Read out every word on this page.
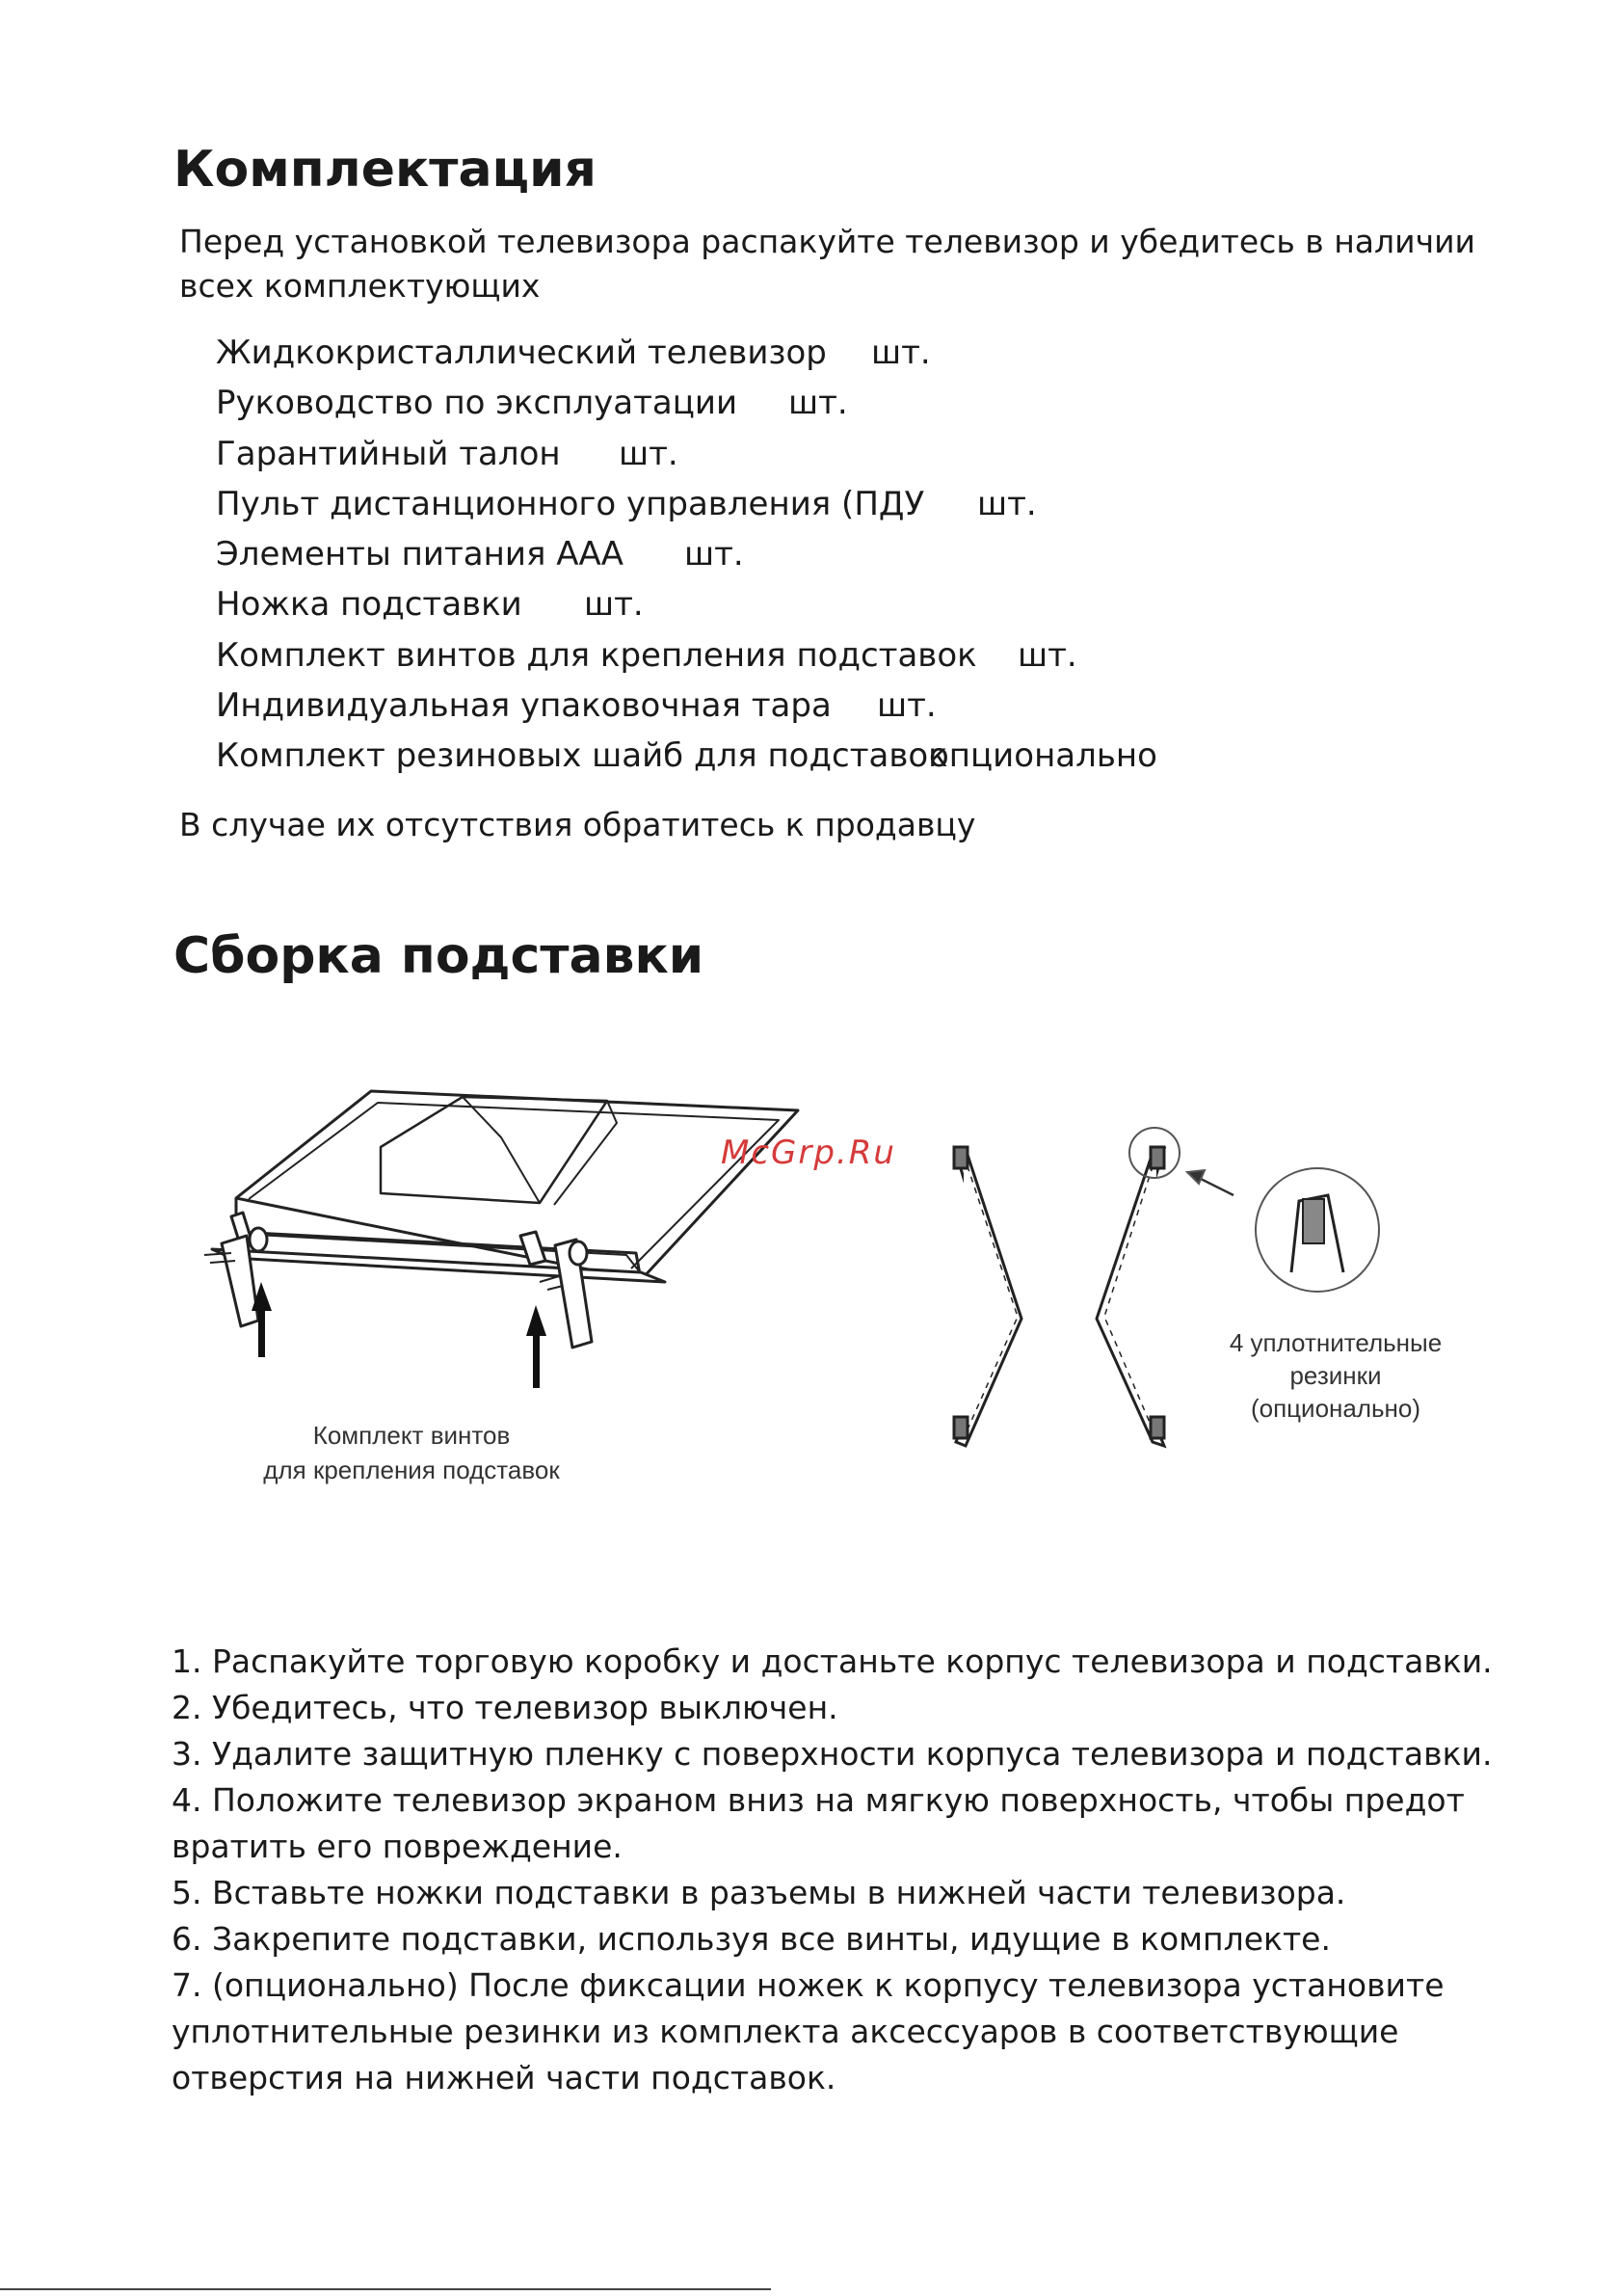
Комплектация

Перед установкой телевизора распакуйте телевизор и убедитесь в наличии всех комплектующих

Жидкокристаллический телевизор шт.
Руководство по эксплуатации шт.
Гарантийный талон шт.
Пульт дистанционного управления (ПДУ шт.
Элементы питания ААА шт.
Ножка подставки шт.
Комплект винтов для крепления подставок шт.
Индивидуальная упаковочная тара шт.
Комплект резиновых шайб для подставок
опционально

В случае их отсутствия обратитесь к продавцу

Сборка подставки
Комплект винтов
для крепления подставок
4 уплотнительные
резинки
(опционально)
McGrp.Ru
1. Распакуйте торговую коробку и достаньте корпус телевизора и подставки.
2. Убедитесь, что телевизор выключен.
3. Удалите защитную пленку с поверхности корпуса телевизора и подставки.
4. Положите телевизор экраном вниз на мягкую поверхность, чтобы предот вратить его повреждение.
5. Вставьте ножки подставки в разъемы в нижней части телевизора.
6. Закрепите подставки, используя все винты, идущие в комплекте.
7. (опционально) После фиксации ножек к корпусу телевизора установите уплотнительные резинки из комплекта аксессуаров в соответствующие отверстия на нижней части подставок.
